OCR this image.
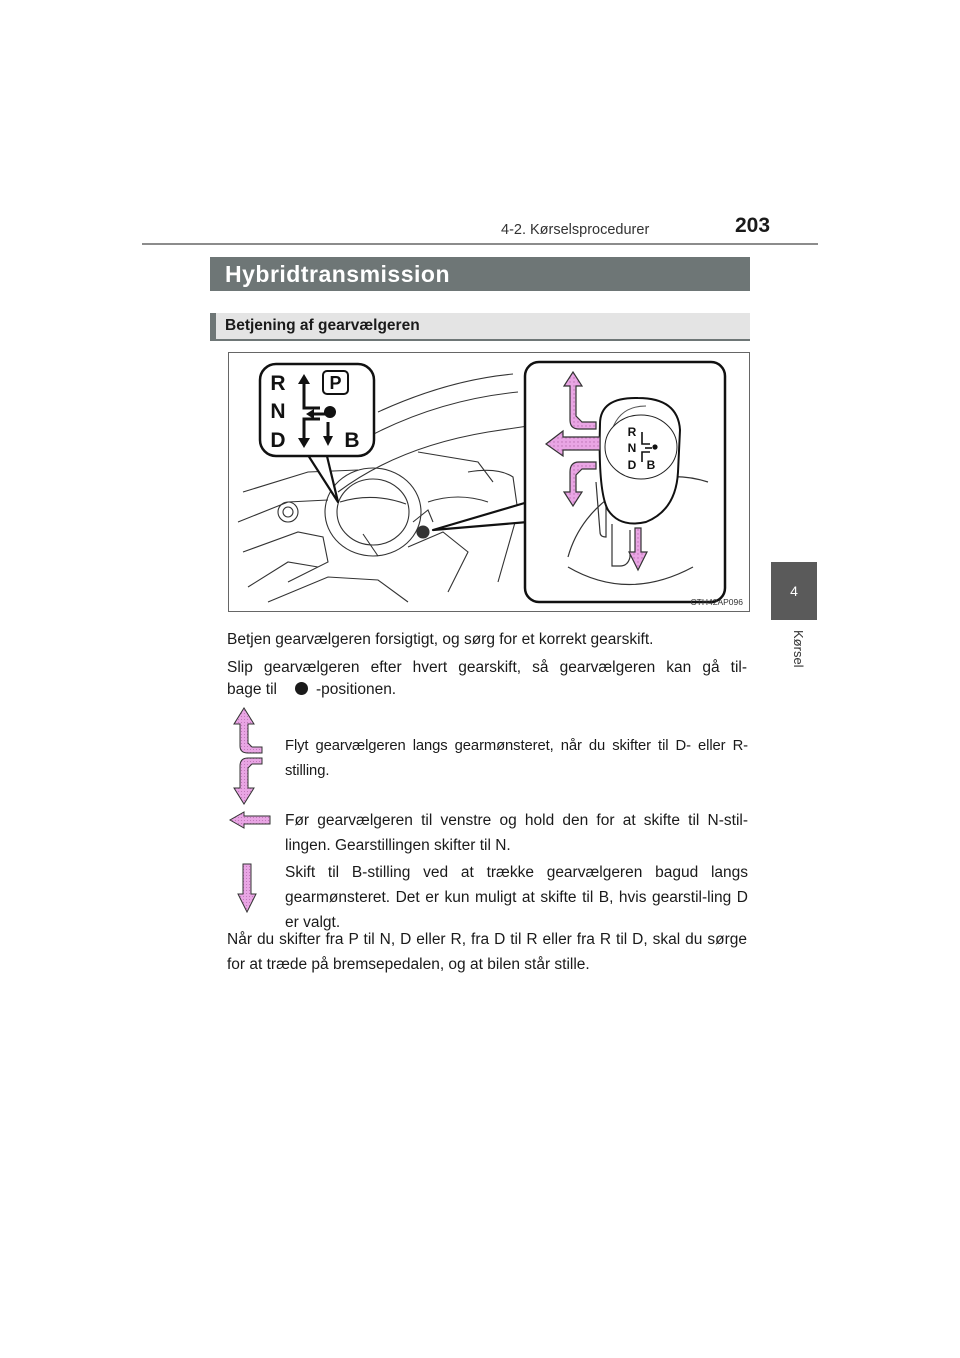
203
4-2. Kørselsprocedurer
4
Kørsel
Hybridtransmission
Betjening af gearvælgeren
P
R
N
D	B	R
N
D B
CTH42AP096
Betjen gearvælgeren forsigtigt, og sørg for et korrekt gearskift.
Slip gearvælgeren efter hvert gearskift, så gearvælgeren kan gå til-
bage til	-positionen.
Flyt gearvælgeren langs gearmønsteret, når du skifter til D- eller R-stilling.
Før gearvælgeren til venstre og hold den for at skifte til N-stil-lingen. Gearstillingen skifter til N.
Skift til B-stilling ved at trække gearvælgeren bagud langs gearmønsteret. Det er kun muligt at skifte til B, hvis gearstil-ling D er valgt.
Når du skifter fra P til N, D eller R, fra D til R eller fra R til D, skal du sørge for at træde på bremsepedalen, og at bilen står stille.
